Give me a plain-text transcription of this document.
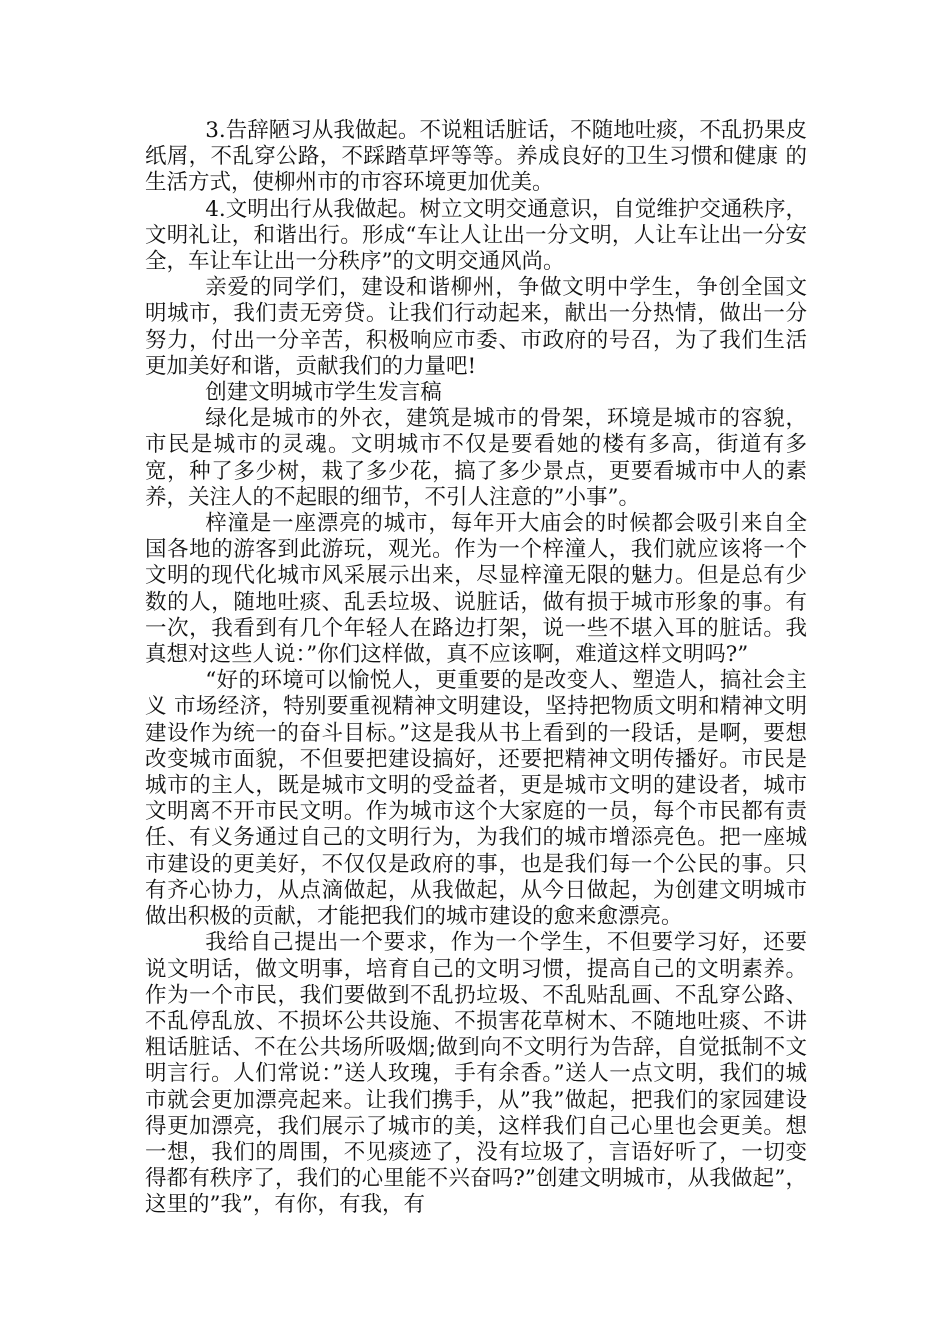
3.告辞陋习从我做起。不说粗话脏话，不随地吐痰，不乱扔果皮纸屑，不乱穿公路，不踩踏草坪等等。养成良好的卫生习惯和健康 的生活方式，使柳州市的市容环境更加优美。

4.文明出行从我做起。树立文明交通意识，自觉维护交通秩序，文明礼让，和谐出行。形成“车让人让出一分文明，人让车让出一分安全，车让车让出一分秩序”的文明交通风尚。

亲爱的同学们，建设和谐柳州，争做文明中学生，争创全国文明城市，我们责无旁贷。让我们行动起来，献出一分热情，做出一分努力，付出一分辛苦，积极响应市委、市政府的号召，为了我们生活更加美好和谐，贡献我们的力量吧!

创建文明城市学生发言稿

绿化是城市的外衣，建筑是城市的骨架，环境是城市的容貌，市民是城市的灵魂。文明城市不仅是要看她的楼有多高，街道有多宽，种了多少树，栽了多少花，搞了多少景点，更要看城市中人的素养，关注人的不起眼的细节，不引人注意的”小事”。

梓潼是一座漂亮的城市，每年开大庙会的时候都会吸引来自全国各地的游客到此游玩，观光。作为一个梓潼人，我们就应该将一个文明的现代化城市风采展示出来，尽显梓潼无限的魅力。但是总有少数的人，随地吐痰、乱丢垃圾、说脏话，做有损于城市形象的事。有一次，我看到有几个年轻人在路边打架，说一些不堪入耳的脏话。我真想对这些人说：”你们这样做，真不应该啊，难道这样文明吗?”

“好的环境可以愉悦人，更重要的是改变人、塑造人，搞社会主义 市场经济，特别要重视精神文明建设，坚持把物质文明和精神文明建设作为统一的奋斗目标。”这是我从书上看到的一段话，是啊，要想改变城市面貌，不但要把建设搞好，还要把精神文明传播好。市民是城市的主人，既是城市文明的受益者，更是城市文明的建设者，城市文明离不开市民文明。作为城市这个大家庭的一员，每个市民都有责任、有义务通过自己的文明行为，为我们的城市增添亮色。把一座城市建设的更美好，不仅仅是政府的事，也是我们每一个公民的事。只有齐心协力，从点滴做起，从我做起，从今日做起，为创建文明城市做出积极的贡献，才能把我们的城市建设的愈来愈漂亮。

我给自己提出一个要求，作为一个学生，不但要学习好，还要说文明话，做文明事，培育自己的文明习惯，提高自己的文明素养。作为一个市民，我们要做到不乱扔垃圾、不乱贴乱画、不乱穿公路、不乱停乱放、不损坏公共设施、不损害花草树木、不随地吐痰、不讲粗话脏话、不在公共场所吸烟;做到向不文明行为告辞，自觉抵制不文明言行。人们常说：”送人玫瑰，手有余香。”送人一点文明，我们的城市就会更加漂亮起来。让我们携手，从”我”做起，把我们的家园建设得更加漂亮，我们展示了城市的美，这样我们自己心里也会更美。想一想，我们的周围，不见痰迹了，没有垃圾了，言语好听了，一切变得都有秩序了，我们的心里能不兴奋吗?”创建文明城市，从我做起”，这里的”我”，有你，有我，有
